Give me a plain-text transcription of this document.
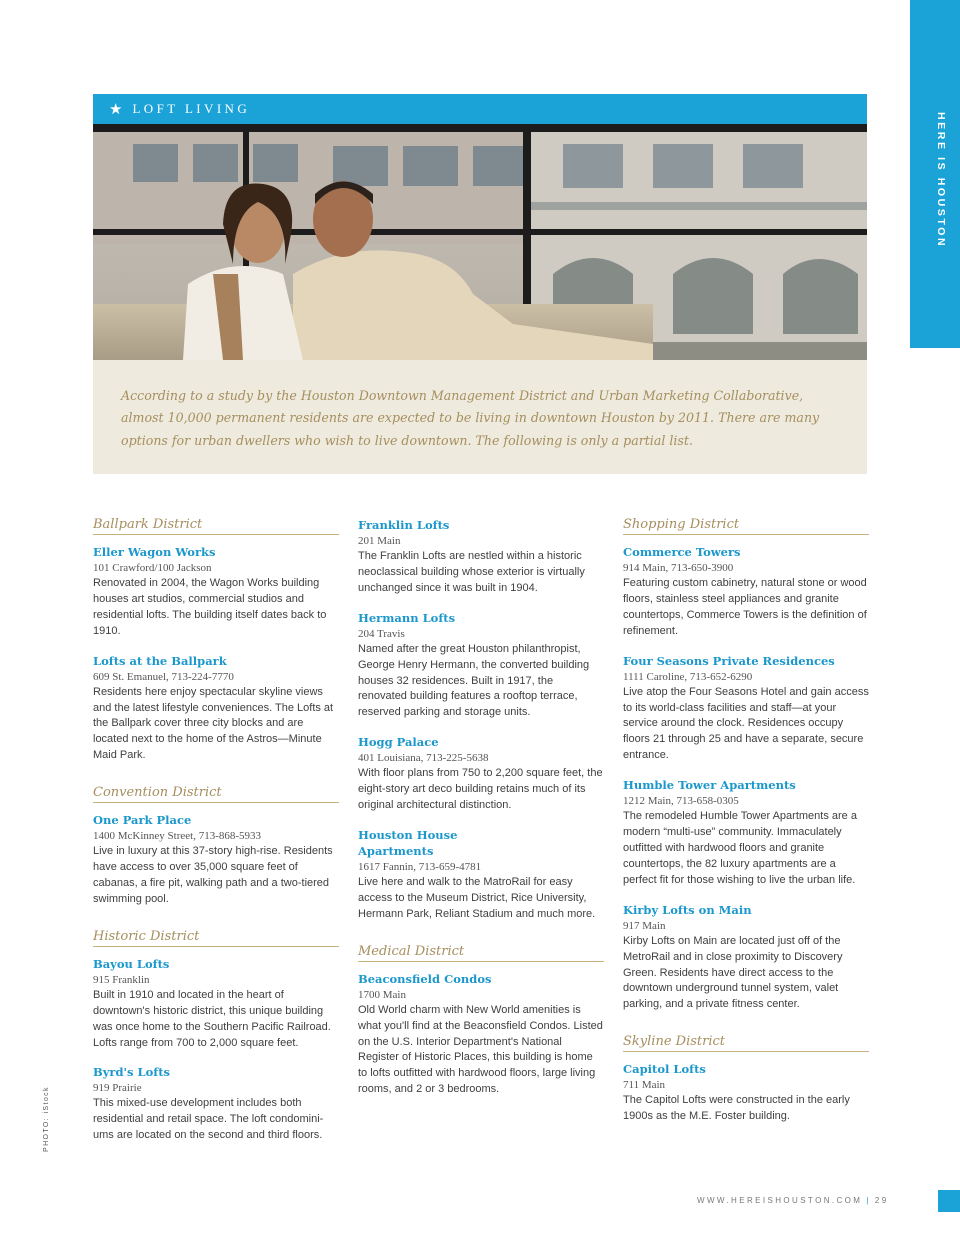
HERE IS HOUSTON
★ LOFT LIVING

According to a study by the Houston Downtown Management District and Urban Marketing Collaborative, almost 10,000 permanent residents are expected to be living in downtown Houston by 2011. There are many options for urban dwellers who wish to live downtown. The following is only a partial list.

Ballpark District
Eller Wagon Works
101 Crawford/100 Jackson
Renovated in 2004, the Wagon Works building houses art studios, commercial studios and residential lofts. The building itself dates back to 1910.
Lofts at the Ballpark
609 St. Emanuel, 713-224-7770
Residents here enjoy spectacular skyline views and the latest lifestyle conveniences. The Lofts at the Ballpark cover three city blocks and are located next to the home of the Astros—Minute Maid Park.
Convention District
One Park Place
1400 McKinney Street, 713-868-5933
Live in luxury at this 37-story high-rise. Residents have access to over 35,000 square feet of cabanas, a fire pit, walking path and a two-tiered swimming pool.
Historic District
Bayou Lofts
915 Franklin
Built in 1910 and located in the heart of downtown's historic district, this unique building was once home to the Southern Pacific Railroad. Lofts range from 700 to 2,000 square feet.
Byrd's Lofts
919 Prairie
This mixed-use development includes both residential and retail space. The loft condomini-ums are located on the second and third floors.
Franklin Lofts
201 Main
The Franklin Lofts are nestled within a historic neoclassical building whose exterior is virtually unchanged since it was built in 1904.
Hermann Lofts
204 Travis
Named after the great Houston philanthropist, George Henry Hermann, the converted building houses 32 residences. Built in 1917, the renovated building features a rooftop terrace, reserved parking and storage units.
Hogg Palace
401 Louisiana, 713-225-5638
With floor plans from 750 to 2,200 square feet, the eight-story art deco building retains much of its original architectural distinction.
Houston House Apartments
1617 Fannin, 713-659-4781
Live here and walk to the MatroRail for easy access to the Museum District, Rice University, Hermann Park, Reliant Stadium and much more.
Medical District
Beaconsfield Condos
1700 Main
Old World charm with New World amenities is what you'll find at the Beaconsfield Condos. Listed on the U.S. Interior Department's National Register of Historic Places, this building is home to lofts outfitted with hardwood floors, large living rooms, and 2 or 3 bedrooms.
Shopping District
Commerce Towers
914 Main, 713-650-3900
Featuring custom cabinetry, natural stone or wood floors, stainless steel appliances and granite countertops, Commerce Towers is the definition of refinement.
Four Seasons Private Residences
1111 Caroline, 713-652-6290
Live atop the Four Seasons Hotel and gain access to its world-class facilities and staff—at your service around the clock. Residences occupy floors 21 through 25 and have a separate, secure entrance.
Humble Tower Apartments
1212 Main, 713-658-0305
The remodeled Humble Tower Apartments are a modern “multi-use” community. Immaculately outfitted with hardwood floors and granite countertops, the 82 luxury apartments are a perfect fit for those wishing to live the urban life.
Kirby Lofts on Main
917 Main
Kirby Lofts on Main are located just off of the MetroRail and in close proximity to Discovery Green. Residents have direct access to the downtown underground tunnel system, valet parking, and a private fitness center.
Skyline District
Capitol Lofts
711 Main
The Capitol Lofts were constructed in the early 1900s as the M.E. Foster building.
PHOTO: iStock
WWW.HEREISHOUSTON.COM | 29
